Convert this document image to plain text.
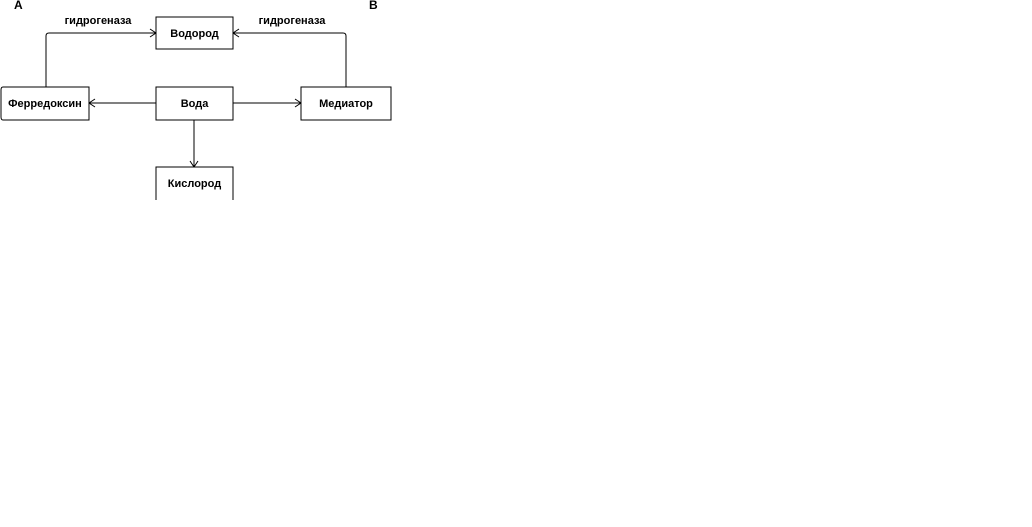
A	B
гидрогеназа	гидрогеназа
Водород
Ферредоксин	Вода	Медиатор
Кислород
